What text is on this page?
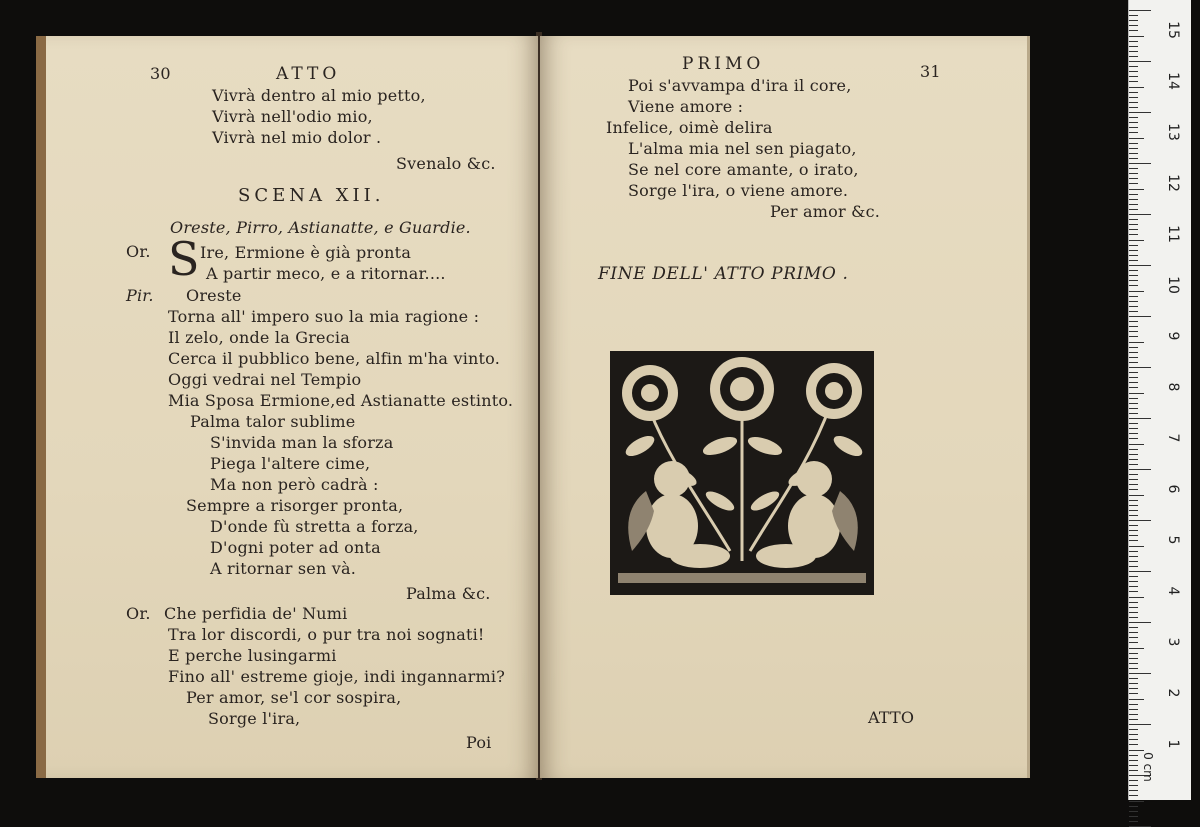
30	ATTO
Vivrà dentro al mio petto,
Vivrà nell'odio mio,
Vivrà nel mio dolor .
Svenalo &c.
SCENA XII.
Oreste, Pirro, Astianatte, e Guardie.
Or. S Ire, Ermione è già pronta
A partir meco, e a ritornar....
Pir. Oreste
Torna all' impero suo la mia ragione :
Il zelo, onde la Grecia
Cerca il pubblico bene, alfin m'ha vinto.
Oggi vedrai nel Tempio
Mia Sposa Ermione,ed Astianatte estinto.
Palma talor sublime
S'invida man la sforza
Piega l'altere cime,
Ma non però cadrà :
Sempre a risorger pronta,
D'onde fù stretta a forza,
D'ogni poter ad onta
A ritornar sen và.
Palma &c.
Or. Che perfidia de' Numi
Tra lor discordi, o pur tra noi sognati!
E perche lusingarmi
Fino all' estreme gioje, indi ingannarmi?
Per amor, se'l cor sospira,
Sorge l'ira,
Poi
PRIMO	31
Poi s'avvampa d'ira il core,
Viene amore :
Infelice, oimè delira
L'alma mia nel sen piagato,
Se nel core amante, o irato,
Sorge l'ira, o viene amore.
Per amor &c.
FINE DELL' ATTO PRIMO .
ATTO
15
14
13
12
11
10
9
8
7
6
5
4
3
2
1
0 cm
